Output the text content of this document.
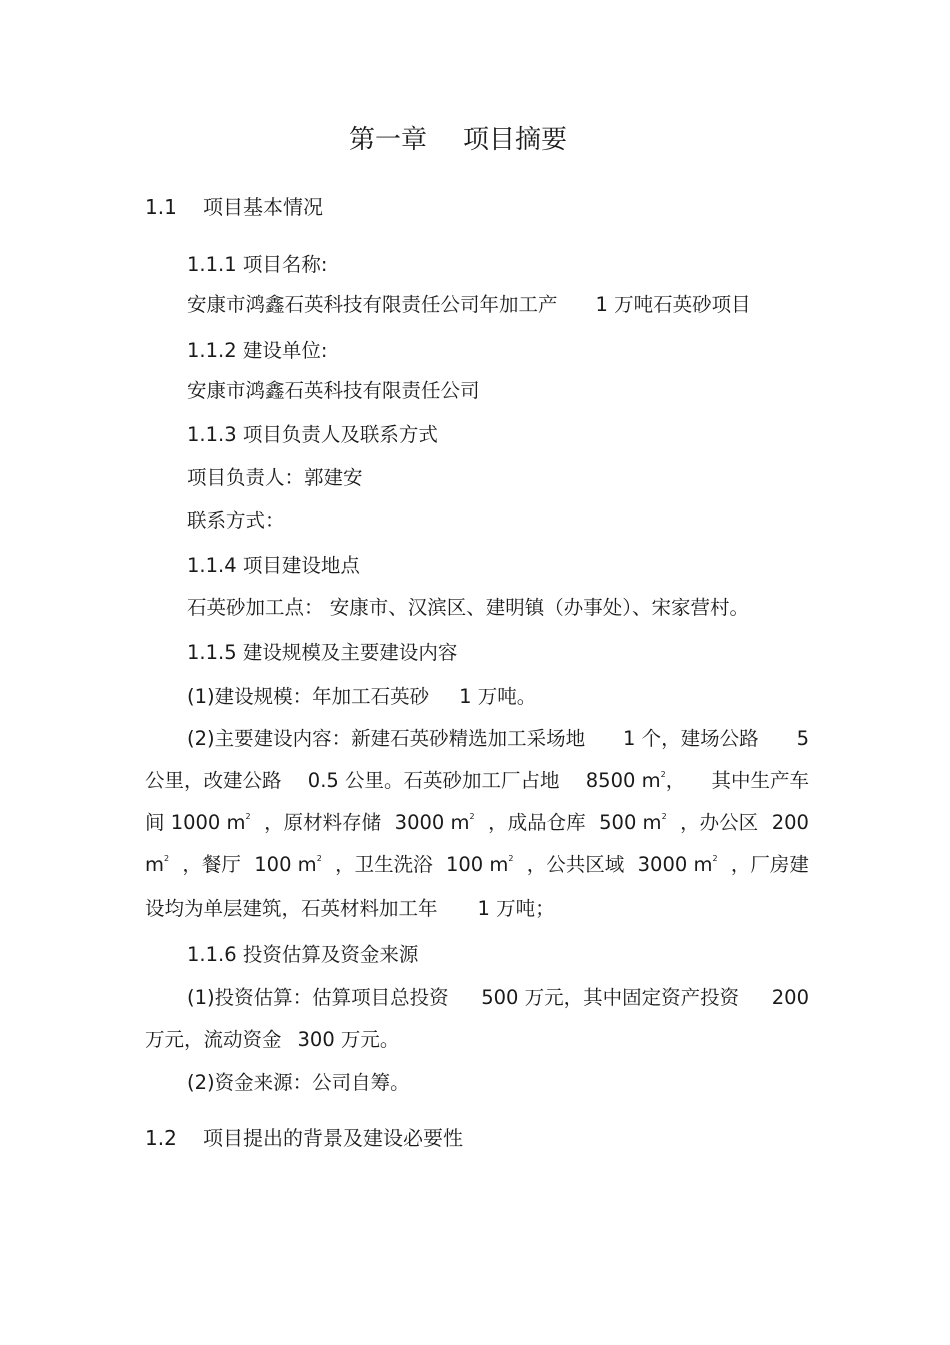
第一章 项目摘要
1.1 项目基本情况
1.1.1 项目名称:
安康市鸿鑫石英科技有限责任公司年加工产 1 万吨石英砂项目
1.1.2 建设单位:
安康市鸿鑫石英科技有限责任公司
1.1.3 项目负责人及联系方式
项目负责人：郭建安
联系方式：
1.1.4 项目建设地点
石英砂加工点： 安康市、汉滨区、建明镇（办事处）、宋家营村。
1.1.5 建设规模及主要建设内容
(1)建设规模：年加工石英砂 1 万吨。
(2)主要建设内容：新建石英砂精选加工采场地 1 个，建场公路 5
公里，改建公路 0.5 公里。石英砂加工厂占地 8500 $m^2$， 其中生产车
间 1000 $m^2$ ，原材料存储 3000 $m^2$ ，成品仓库 500 $m^2$ ，办公区 200
$m^2$ ，餐厅 100 $m^2$ ，卫生洗浴 100 $m^2$ ，公共区域 3000 $m^2$ ，厂房建
设均为单层建筑，石英材料加工年 1 万吨；
1.1.6 投资估算及资金来源
(1)投资估算：估算项目总投资 500 万元，其中固定资产投资 200
万元，流动资金 300 万元。
(2)资金来源：公司自筹。
1.2 项目提出的背景及建设必要性
